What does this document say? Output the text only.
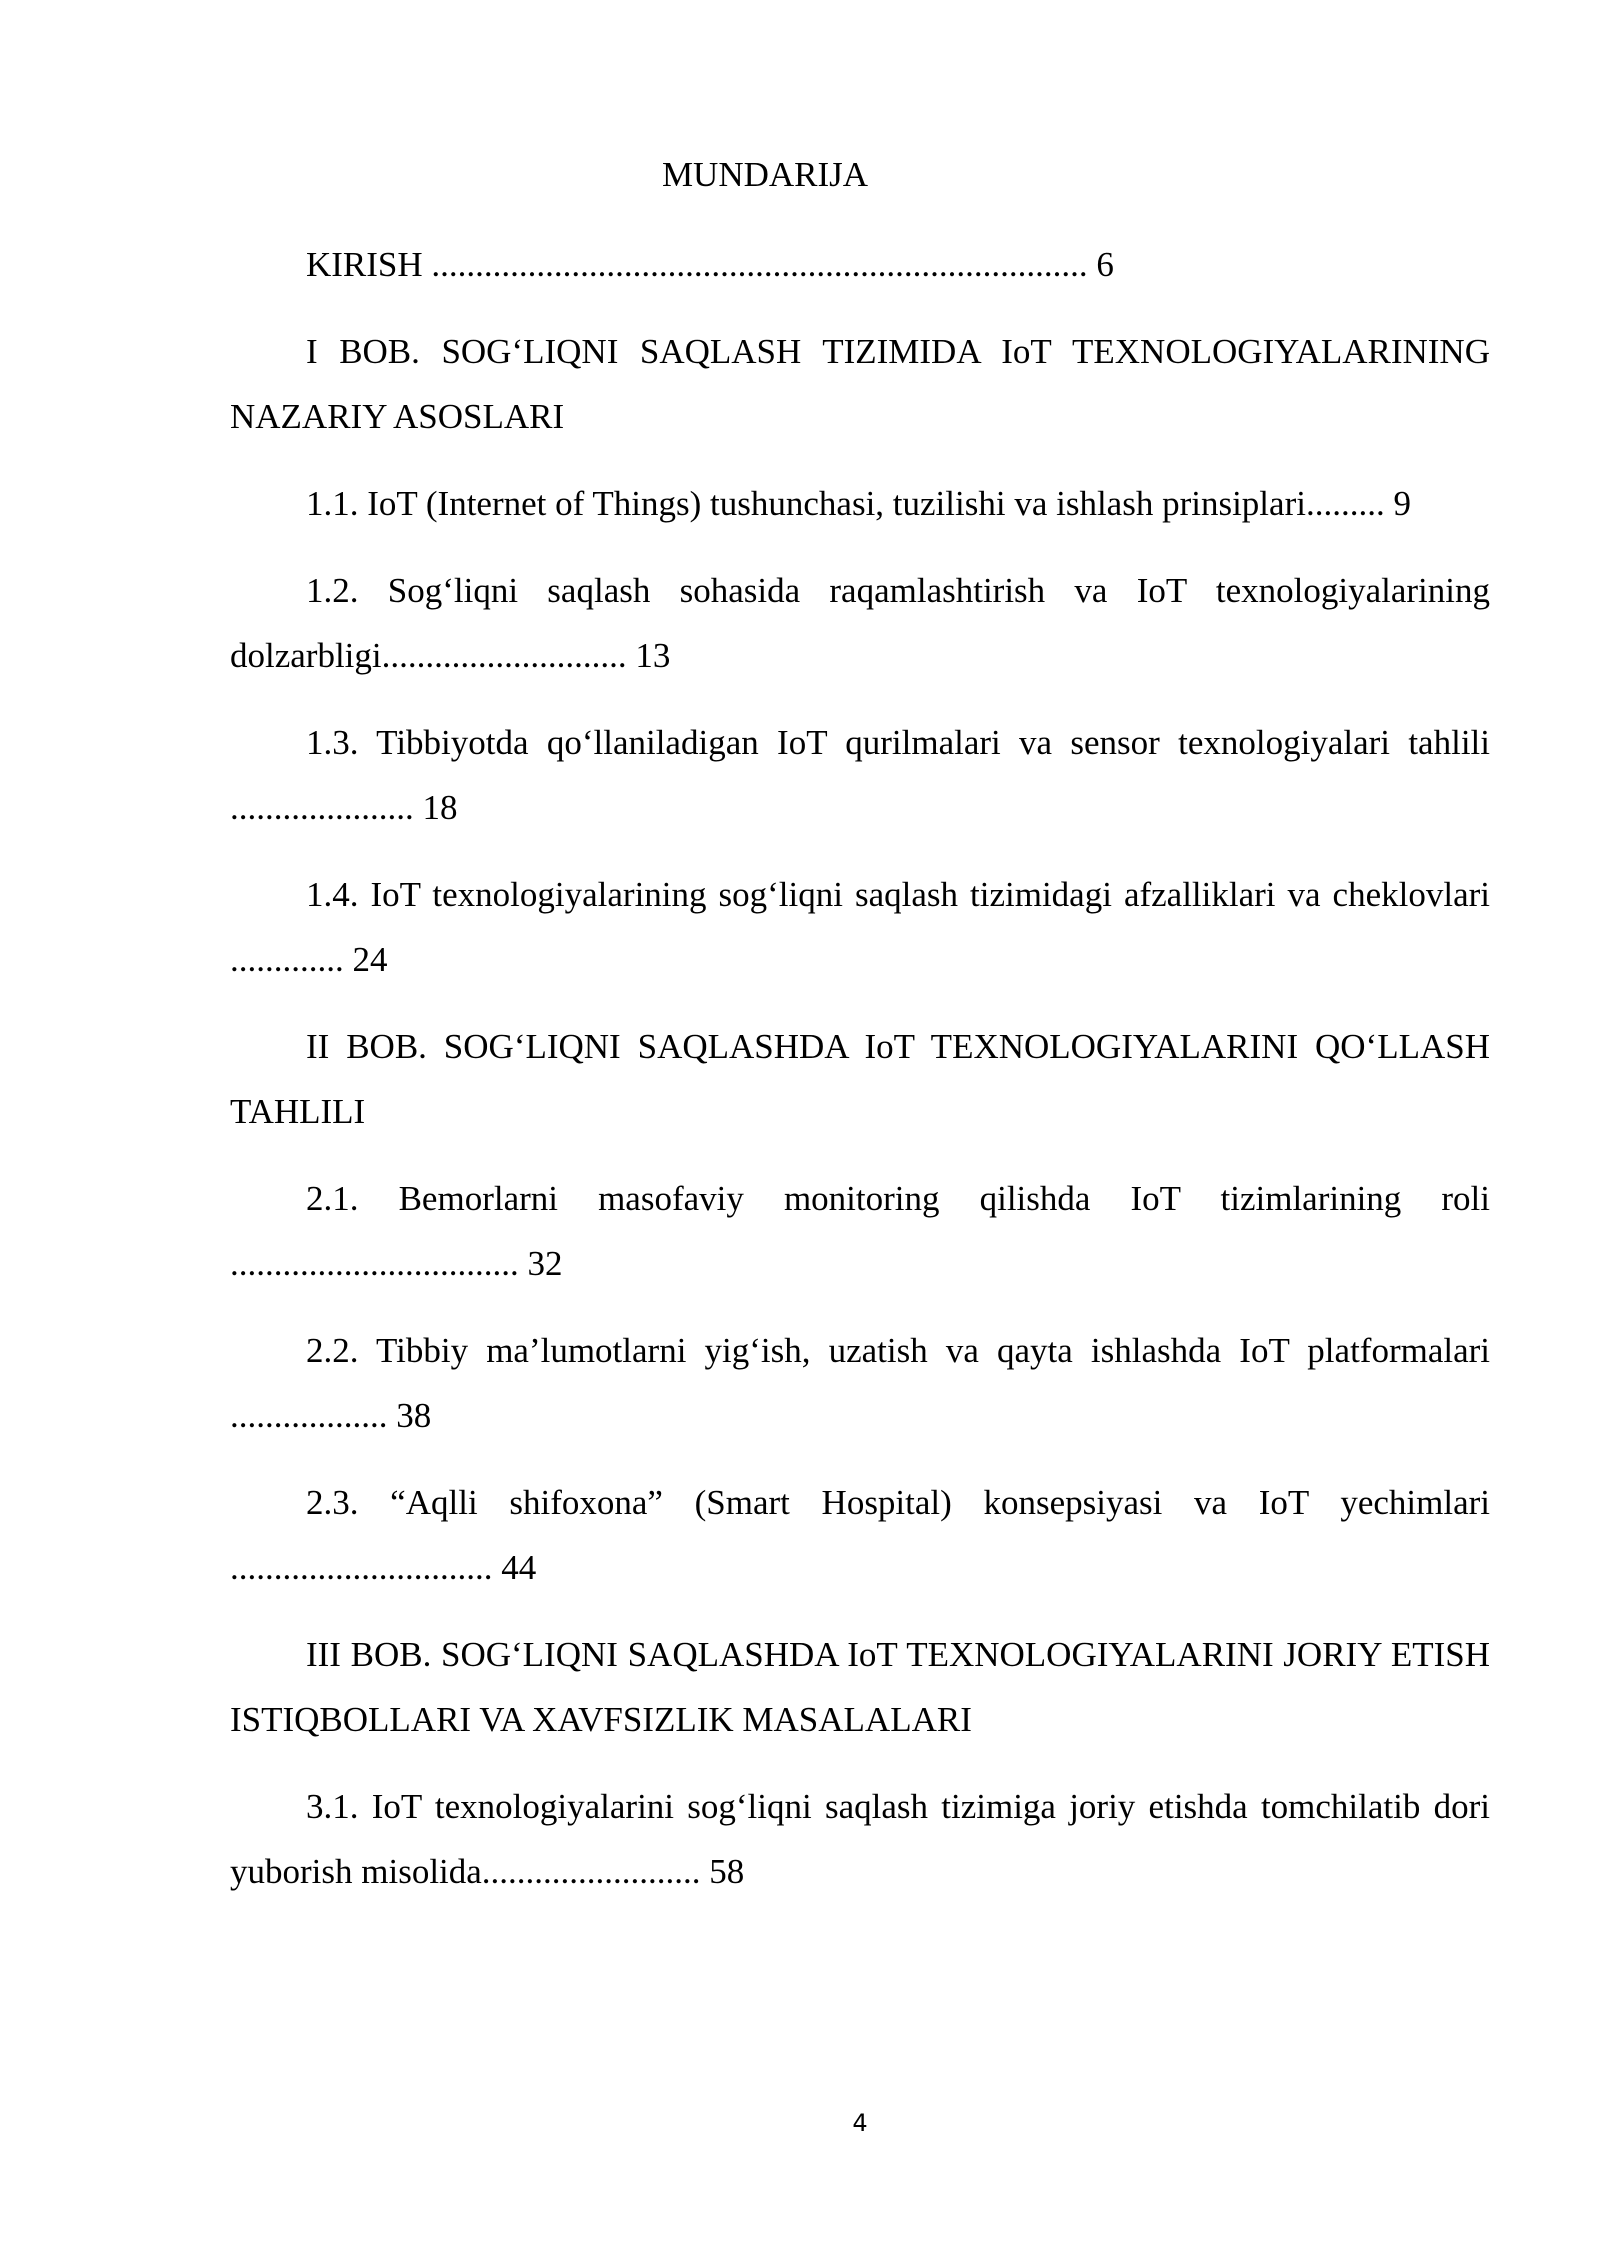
MUNDARIJA

KIRISH ........................................................................... 6

I BOB. SOG‘LIQNI SAQLASH TIZIMIDA IoT TEXNOLOGIYALARINING NAZARIY ASOSLARI

1.1. IoT (Internet of Things) tushunchasi, tuzilishi va ishlash prinsiplari......... 9

1.2. Sog‘liqni saqlash sohasida raqamlashtirish va IoT texnologiyalarining dolzarbligi............................ 13

1.3. Tibbiyotda qo‘llaniladigan IoT qurilmalari va sensor texnologiyalari tahlili ..................... 18

1.4. IoT texnologiyalarining sog‘liqni saqlash tizimidagi afzalliklari va cheklovlari ............. 24

II BOB. SOG‘LIQNI SAQLASHDA IoT TEXNOLOGIYALARINI QO‘LLASH TAHLILI

2.1. Bemorlarni masofaviy monitoring qilishda IoT tizimlarining roli ................................. 32

2.2. Tibbiy ma’lumotlarni yig‘ish, uzatish va qayta ishlashda IoT platformalari .................. 38

2.3. “Aqlli shifoxona” (Smart Hospital) konsepsiyasi va IoT yechimlari .............................. 44

III BOB. SOG‘LIQNI SAQLASHDA IoT TEXNOLOGIYALARINI JORIY ETISH ISTIQBOLLARI VA XAVFSIZLIK MASALALARI

3.1. IoT texnologiyalarini sog‘liqni saqlash tizimiga joriy etishda tomchilatib dori yuborish misolida......................... 58

4
